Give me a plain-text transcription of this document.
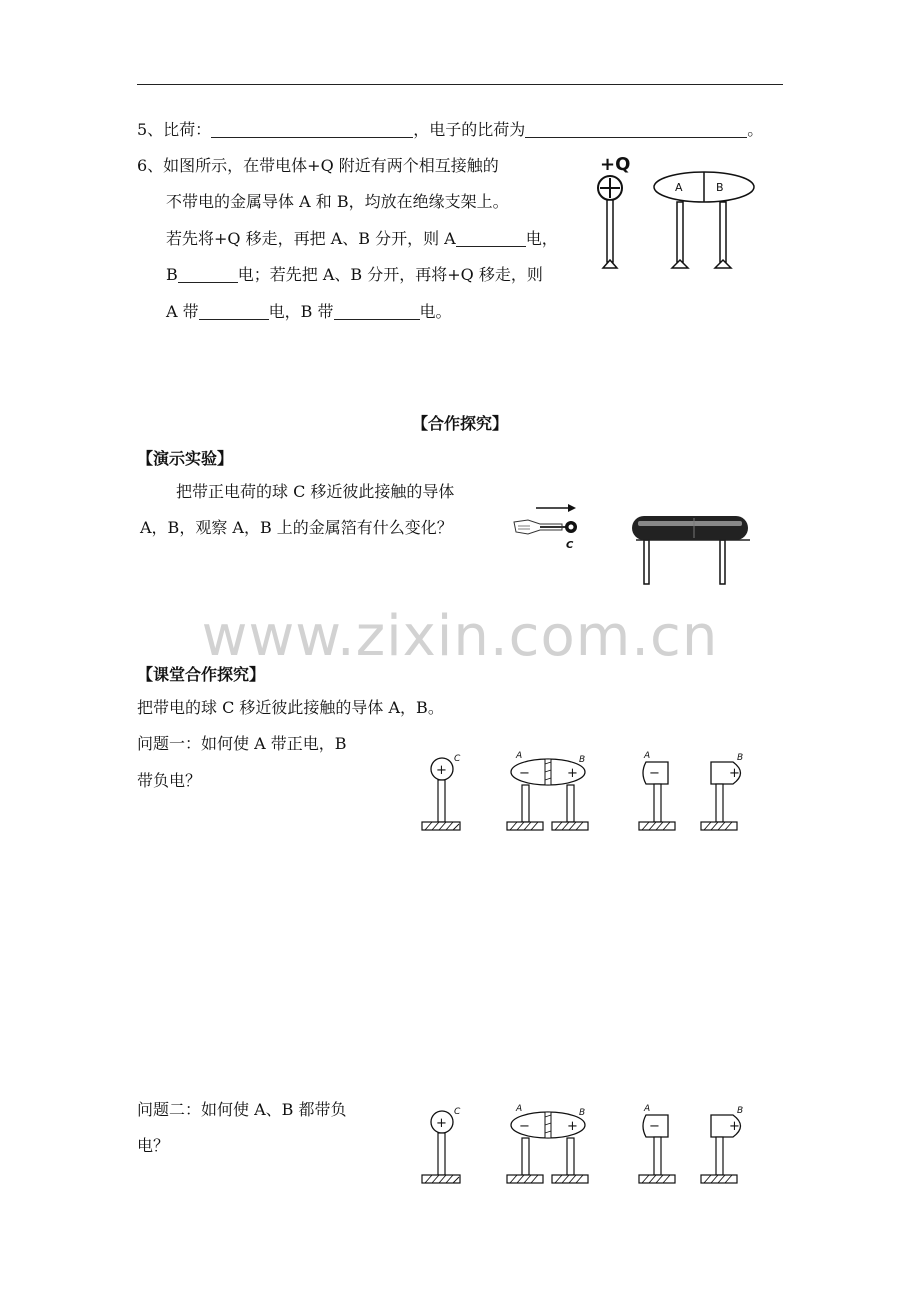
5、比荷：	，电子的比荷为	。
6、如图所示，在带电体+Q 附近有两个相互接触的
不带电的金属导体 A 和 B，均放在绝缘支架上。
若先将+Q 移走，再把 A、B 分开，则 A	电，
B	电；若先把 A、B 分开，再将+Q 移走，则
A 带	电，B 带	电。
+Q
A	B
【合作探究】
【演示实验】
把带正电荷的球 C 移近彼此接触的导体
A，B，观察 A，B 上的金属箔有什么变化？
C
www.zixin.com.cn
【课堂合作探究】
把带电的球 C 移近彼此接触的导体 A，B。
问题一：如何使 A 带正电，B
带负电？
+
C
−	+
A	B
−
A
+
B
问题二：如何使 A、B 都带负
电？
+
C
−	+
A	B
−
A
+
B
